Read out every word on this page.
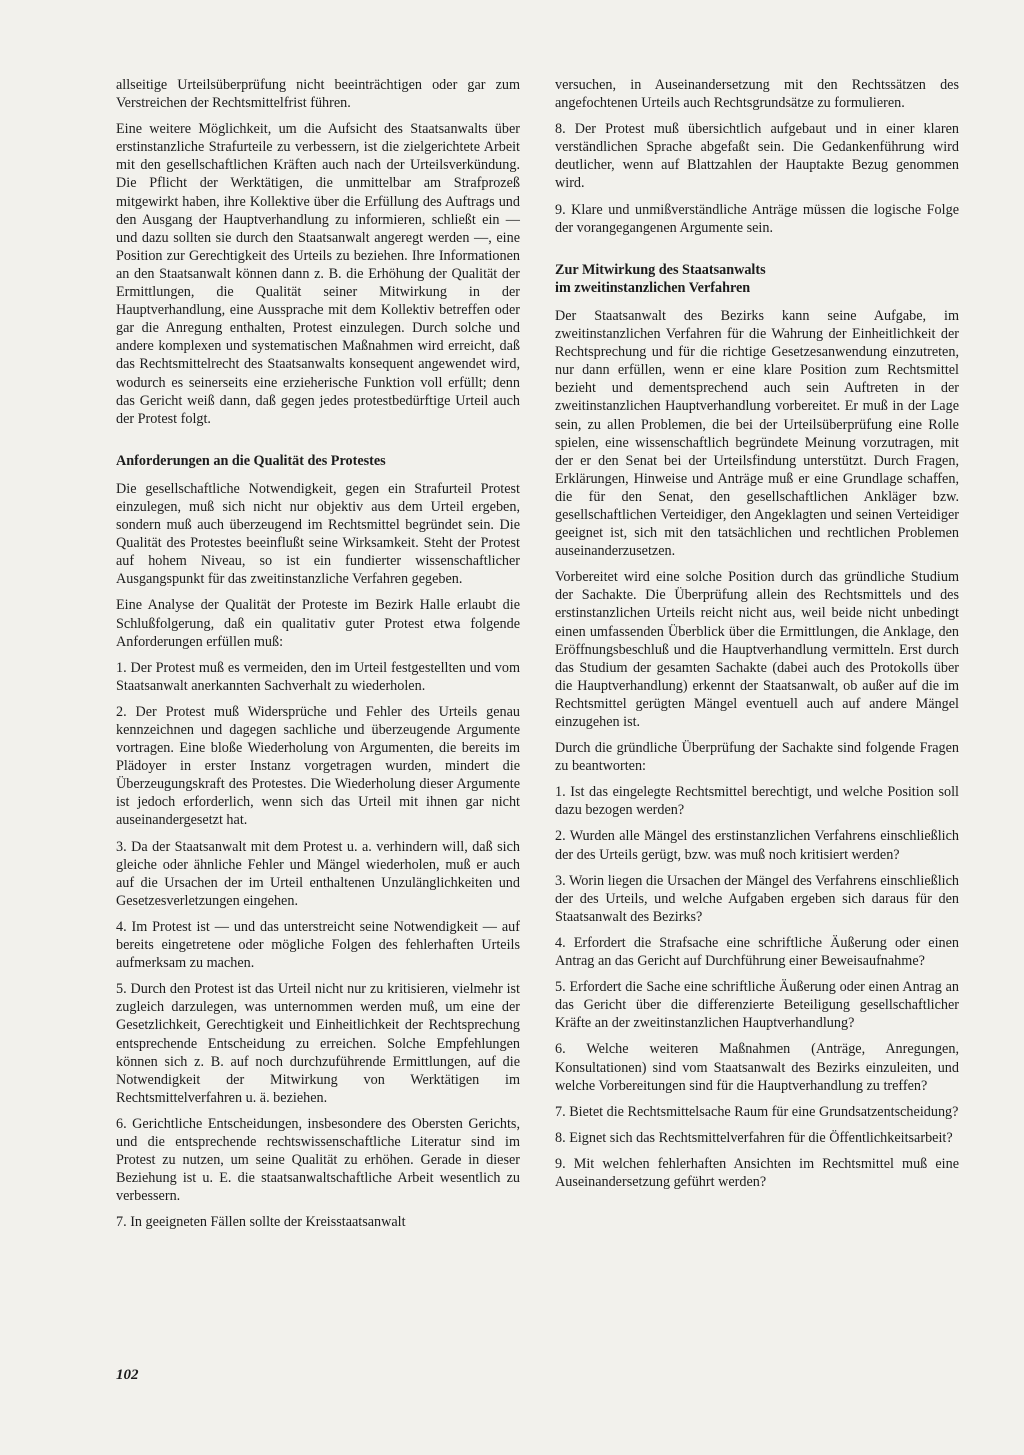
allseitige Urteilsüberprüfung nicht beeinträchtigen oder gar zum Verstreichen der Rechtsmittelfrist führen.

Eine weitere Möglichkeit, um die Aufsicht des Staatsanwalts über erstinstanzliche Strafurteile zu verbessern, ist die zielgerichtete Arbeit mit den gesellschaftlichen Kräften auch nach der Urteilsverkündung. Die Pflicht der Werktätigen, die unmittelbar am Strafprozeß mitgewirkt haben, ihre Kollektive über die Erfüllung des Auftrags und den Ausgang der Hauptverhandlung zu informieren, schließt ein — und dazu sollten sie durch den Staatsanwalt angeregt werden —, eine Position zur Gerechtigkeit des Urteils zu beziehen. Ihre Informationen an den Staatsanwalt können dann z. B. die Erhöhung der Qualität der Ermittlungen, die Qualität seiner Mitwirkung in der Hauptverhandlung, eine Aussprache mit dem Kollektiv betreffen oder gar die Anregung enthalten, Protest einzulegen. Durch solche und andere komplexen und systematischen Maßnahmen wird erreicht, daß das Rechtsmittelrecht des Staatsanwalts konsequent angewendet wird, wodurch es seinerseits eine erzieherische Funktion voll erfüllt; denn das Gericht weiß dann, daß gegen jedes protestbedürftige Urteil auch der Protest folgt.

Anforderungen an die Qualität des Protestes

Die gesellschaftliche Notwendigkeit, gegen ein Strafurteil Protest einzulegen, muß sich nicht nur objektiv aus dem Urteil ergeben, sondern muß auch überzeugend im Rechtsmittel begründet sein. Die Qualität des Protestes beeinflußt seine Wirksamkeit. Steht der Protest auf hohem Niveau, so ist ein fundierter wissenschaftlicher Ausgangspunkt für das zweitinstanzliche Verfahren gegeben.

Eine Analyse der Qualität der Proteste im Bezirk Halle erlaubt die Schlußfolgerung, daß ein qualitativ guter Protest etwa folgende Anforderungen erfüllen muß:

1. Der Protest muß es vermeiden, den im Urteil festgestellten und vom Staatsanwalt anerkannten Sachverhalt zu wiederholen.

2. Der Protest muß Widersprüche und Fehler des Urteils genau kennzeichnen und dagegen sachliche und überzeugende Argumente vortragen. Eine bloße Wiederholung von Argumenten, die bereits im Plädoyer in erster Instanz vorgetragen wurden, mindert die Überzeugungskraft des Protestes. Die Wiederholung dieser Argumente ist jedoch erforderlich, wenn sich das Urteil mit ihnen gar nicht auseinandergesetzt hat.

3. Da der Staatsanwalt mit dem Protest u. a. verhindern will, daß sich gleiche oder ähnliche Fehler und Mängel wiederholen, muß er auch auf die Ursachen der im Urteil enthaltenen Unzulänglichkeiten und Gesetzesverletzungen eingehen.

4. Im Protest ist — und das unterstreicht seine Notwendigkeit — auf bereits eingetretene oder mögliche Folgen des fehlerhaften Urteils aufmerksam zu machen.

5. Durch den Protest ist das Urteil nicht nur zu kritisieren, vielmehr ist zugleich darzulegen, was unternommen werden muß, um eine der Gesetzlichkeit, Gerechtigkeit und Einheitlichkeit der Rechtsprechung entsprechende Entscheidung zu erreichen. Solche Empfehlungen können sich z. B. auf noch durchzuführende Ermittlungen, auf die Notwendigkeit der Mitwirkung von Werktätigen im Rechtsmittelverfahren u. ä. beziehen.

6. Gerichtliche Entscheidungen, insbesondere des Obersten Gerichts, und die entsprechende rechtswissenschaftliche Literatur sind im Protest zu nutzen, um seine Qualität zu erhöhen. Gerade in dieser Beziehung ist u. E. die staatsanwaltschaftliche Arbeit wesentlich zu verbessern.

7. In geeigneten Fällen sollte der Kreisstaatsanwalt

versuchen, in Auseinandersetzung mit den Rechtssätzen des angefochtenen Urteils auch Rechtsgrundsätze zu formulieren.

8. Der Protest muß übersichtlich aufgebaut und in einer klaren verständlichen Sprache abgefaßt sein. Die Gedankenführung wird deutlicher, wenn auf Blattzahlen der Hauptakte Bezug genommen wird.

9. Klare und unmißverständliche Anträge müssen die logische Folge der vorangegangenen Argumente sein.

Zur Mitwirkung des Staatsanwalts
im zweitinstanzlichen Verfahren

Der Staatsanwalt des Bezirks kann seine Aufgabe, im zweitinstanzlichen Verfahren für die Wahrung der Einheitlichkeit der Rechtsprechung und für die richtige Gesetzesanwendung einzutreten, nur dann erfüllen, wenn er eine klare Position zum Rechtsmittel bezieht und dementsprechend auch sein Auftreten in der zweitinstanzlichen Hauptverhandlung vorbereitet. Er muß in der Lage sein, zu allen Problemen, die bei der Urteilsüberprüfung eine Rolle spielen, eine wissenschaftlich begründete Meinung vorzutragen, mit der er den Senat bei der Urteilsfindung unterstützt. Durch Fragen, Erklärungen, Hinweise und Anträge muß er eine Grundlage schaffen, die für den Senat, den gesellschaftlichen Ankläger bzw. gesellschaftlichen Verteidiger, den Angeklagten und seinen Verteidiger geeignet ist, sich mit den tatsächlichen und rechtlichen Problemen auseinanderzusetzen.

Vorbereitet wird eine solche Position durch das gründliche Studium der Sachakte. Die Überprüfung allein des Rechtsmittels und des erstinstanzlichen Urteils reicht nicht aus, weil beide nicht unbedingt einen umfassenden Überblick über die Ermittlungen, die Anklage, den Eröffnungsbeschluß und die Hauptverhandlung vermitteln. Erst durch das Studium der gesamten Sachakte (dabei auch des Protokolls über die Hauptverhandlung) erkennt der Staatsanwalt, ob außer auf die im Rechtsmittel gerügten Mängel eventuell auch auf andere Mängel einzugehen ist.

Durch die gründliche Überprüfung der Sachakte sind folgende Fragen zu beantworten:

1. Ist das eingelegte Rechtsmittel berechtigt, und welche Position soll dazu bezogen werden?

2. Wurden alle Mängel des erstinstanzlichen Verfahrens einschließlich der des Urteils gerügt, bzw. was muß noch kritisiert werden?

3. Worin liegen die Ursachen der Mängel des Verfahrens einschließlich der des Urteils, und welche Aufgaben ergeben sich daraus für den Staatsanwalt des Bezirks?

4. Erfordert die Strafsache eine schriftliche Äußerung oder einen Antrag an das Gericht auf Durchführung einer Beweisaufnahme?

5. Erfordert die Sache eine schriftliche Äußerung oder einen Antrag an das Gericht über die differenzierte Beteiligung gesellschaftlicher Kräfte an der zweitinstanzlichen Hauptverhandlung?

6. Welche weiteren Maßnahmen (Anträge, Anregungen, Konsultationen) sind vom Staatsanwalt des Bezirks einzuleiten, und welche Vorbereitungen sind für die Hauptverhandlung zu treffen?

7. Bietet die Rechtsmittelsache Raum für eine Grundsatzentscheidung?

8. Eignet sich das Rechtsmittelverfahren für die Öffentlichkeitsarbeit?

9. Mit welchen fehlerhaften Ansichten im Rechtsmittel muß eine Auseinandersetzung geführt werden?

102
